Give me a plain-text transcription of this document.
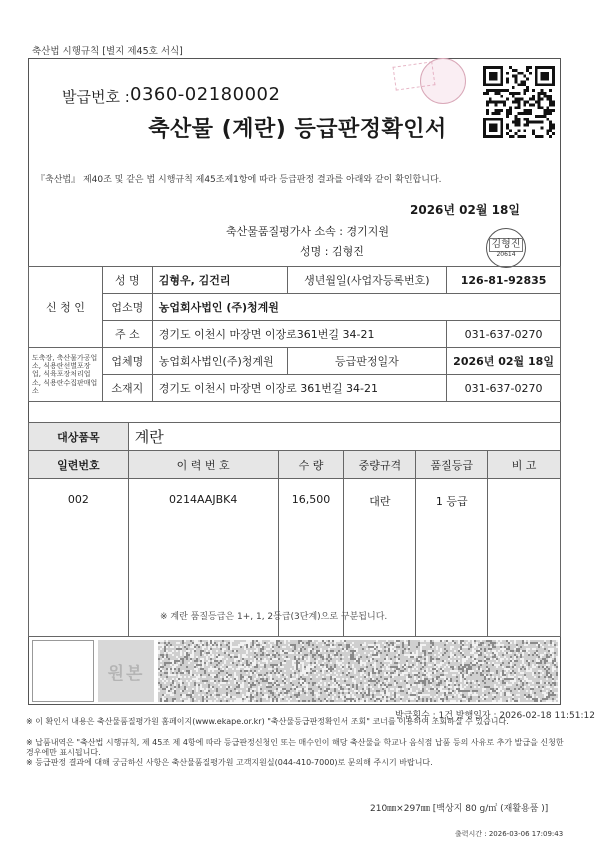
축산법 시행규칙 [별지 제45호 서식]
발급번호 : 0360-02180002
축산물 (계란) 등급판정확인서
『축산법』 제40조 및 같은 법 시행규칙 제45조제1항에 따라 등급판정 결과를 아래와 같이 확인합니다.
2026년 02월 18일
축산물품질평가사 소속 : 경기지원
성명 : 김형진
김형진
20614
신 청 인	성 명	김형우, 김건리	생년월일(사업자등록번호)	126-81-92835
	업소명	농업회사법인 (주)청계원		
	주 소	경기도 이천시 마장면 이장로361번길 34-21		031-637-0270
도축장, 축산물가공업소, 식용란선별포장업, 식육포장처리업소, 식용란수집판매업소	업체명	농업회사법인(주)청계원	등급판정일자	2026년 02월 18일
	소재지	경기도 이천시 마장면 이장로 361번길 34-21		031-637-0270
대상품목	계란				
일련번호	이 력 번 호	수 량	중량규격	품질등급	비 고
002	0214AAJBK4	16,500	대란	1 등급	
※ 계란 품질등급은 1+, 1, 2등급(3단계)으로 구분됩니다.
원본
발급횟수 : 1건 발행일자 : 2026-02-18 11:51:12
※ 이 확인서 내용은 축산물품질평가원 홈페이지(www.ekape.or.kr) "축산물등급판정확인서 조회" 코너를 이용하여 조회하실 수 있습니다.
※ 납품내역은 "축산법 시행규칙, 제 45조 제 4항에 따라 등급판정신청인 또는 매수인이 해당 축산물을 학교나 음식점 납품 등의 사유로 추가 발급을 신청한 경우에만 표시됩니다.
※ 등급판정 결과에 대해 궁금하신 사항은 축산물품질평가원 고객지원실(044-410-7000)로 문의해 주시기 바랍니다.
210㎜×297㎜ [백상지 80 g/㎡ (재활용품 )]
출력시간 : 2026-03-06 17:09:43
